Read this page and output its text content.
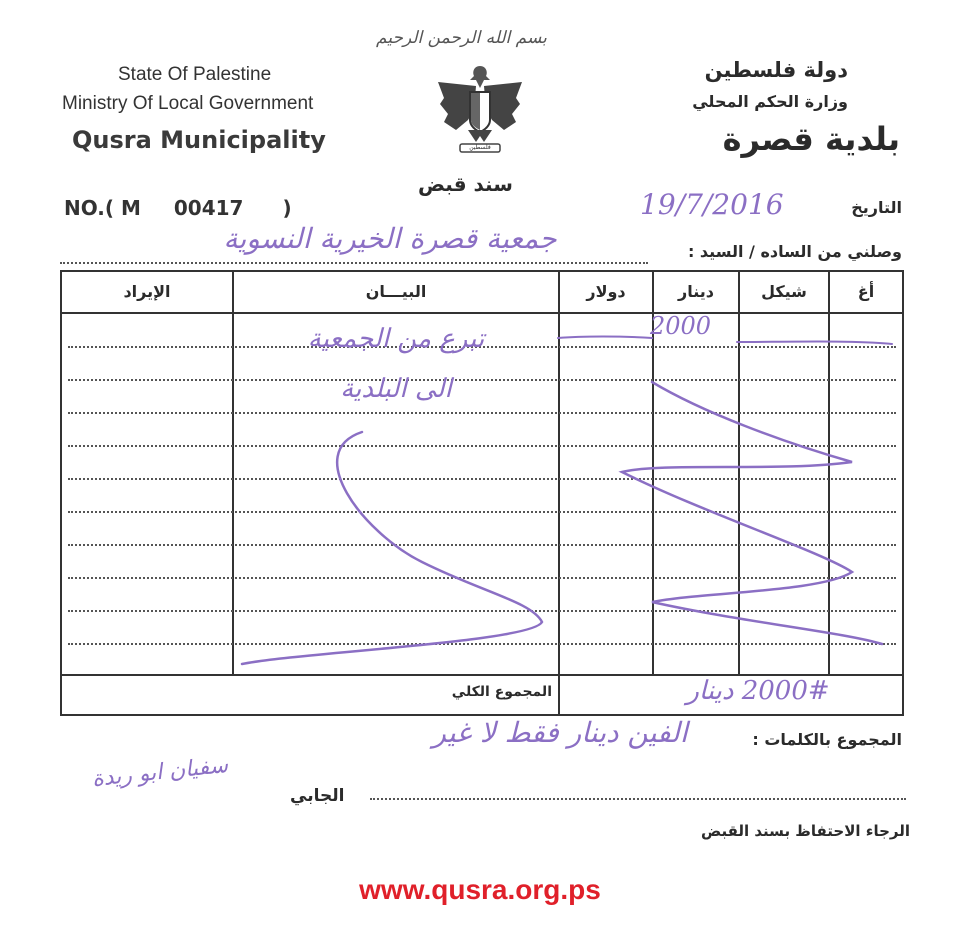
بسم الله الرحمن الرحيم
State Of Palestine
Ministry Of Local Government
Qusra Municipality
دولة فلسطين
وزارة الحكم المحلي
بلدية قصرة
فلسطين
سند قبض
NO.( M 00417 )	التاريخ
19/7/2016
وصلني من الساده / السيد :
جمعية قصرة الخيرية النسوية
أغ
شيكل
دينار
دولار
البيـــان
الإيراد
المجموع الكلي
2000
تبرع من الجمعية
الى البلدية
2000# دينار
المجموع بالكلمات :
الفين دينار فقط لا غير
الجابي
سفيان ابو ريدة
الرجاء الاحتفاظ بسند القبض
www.qusra.org.ps
